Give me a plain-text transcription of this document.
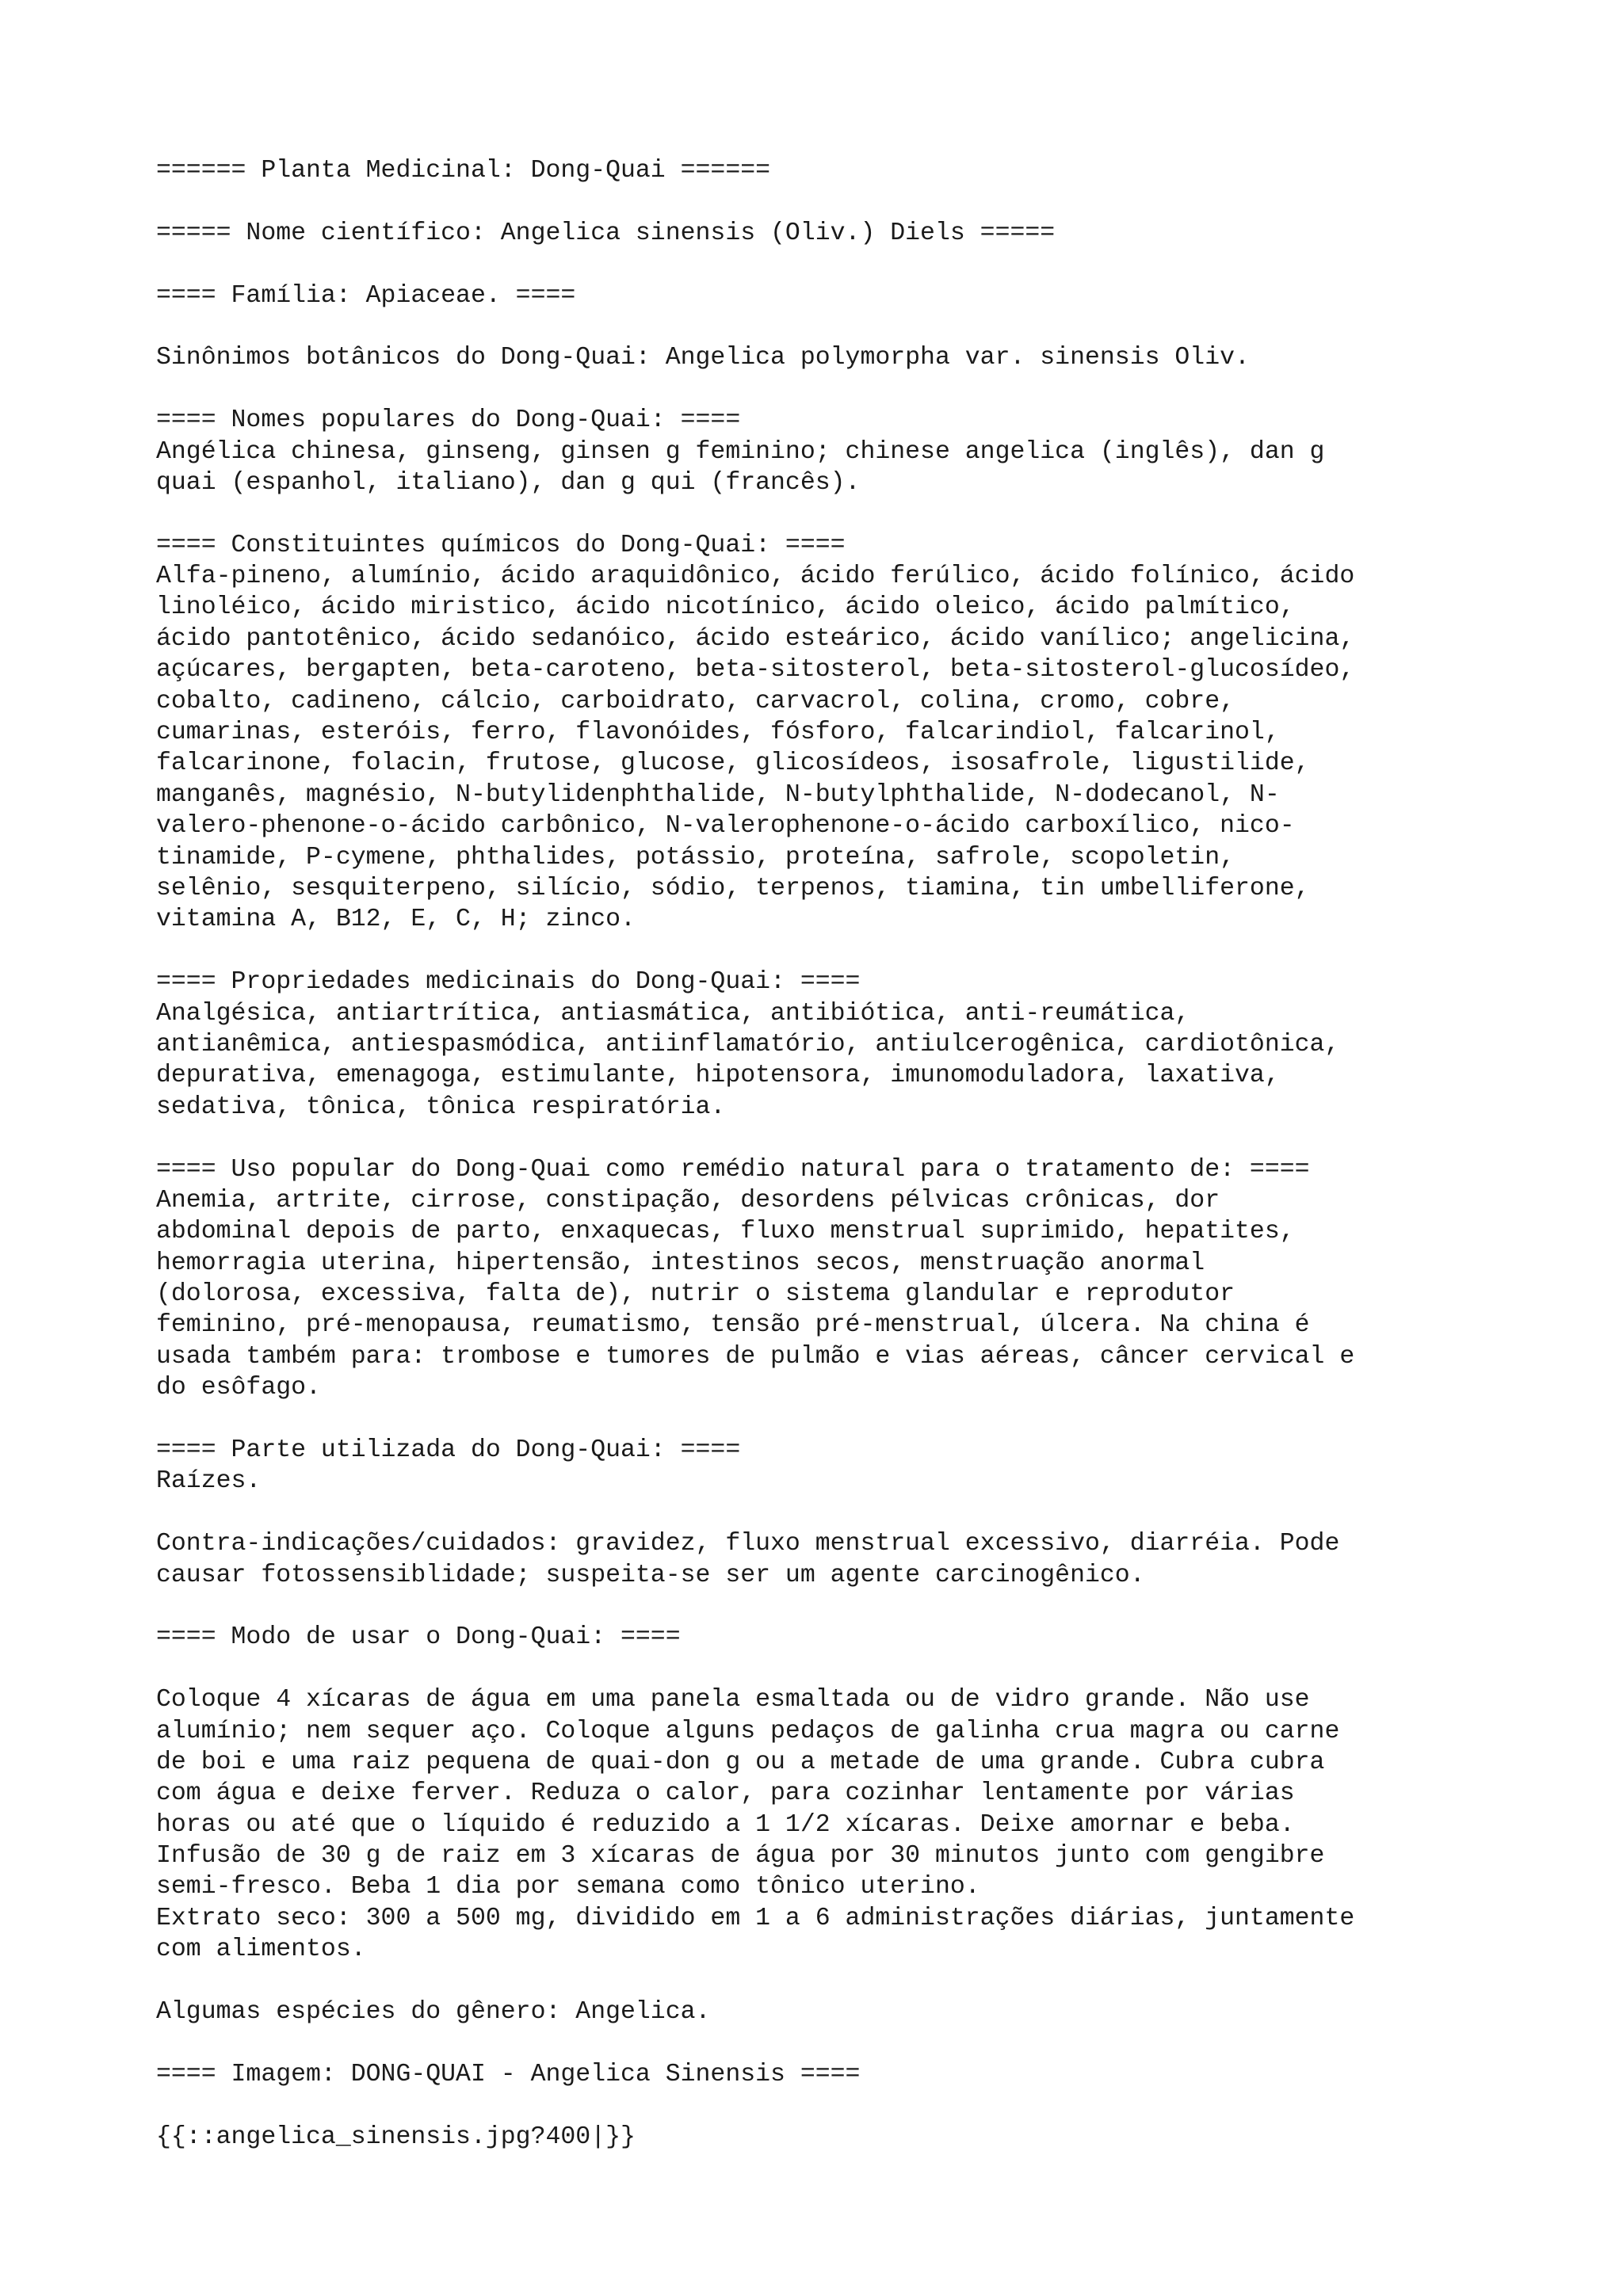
====== Planta Medicinal: Dong-Quai ======
===== Nome científico: Angelica sinensis (Oliv.) Diels =====
==== Família: Apiaceae. ====
Sinônimos botânicos do Dong-Quai: Angelica polymorpha var. sinensis Oliv.
==== Nomes populares do Dong-Quai: ====
Angélica chinesa, ginseng, ginsen g feminino; chinese angelica (inglês), dan g
quai (espanhol, italiano), dan g qui (francês).
==== Constituintes químicos do Dong-Quai: ====
Alfa-pineno, alumínio, ácido araquidônico, ácido ferúlico, ácido folínico, ácido
linoléico, ácido miristico, ácido nicotínico, ácido oleico, ácido palmítico,
ácido pantotênico, ácido sedanóico, ácido esteárico, ácido vanílico; angelicina,
açúcares, bergapten, beta-caroteno, beta-sitosterol, beta-sitosterol-glucosídeo,
cobalto, cadineno, cálcio, carboidrato, carvacrol, colina, cromo, cobre,
cumarinas, esteróis, ferro, flavonóides, fósforo, falcarindiol, falcarinol,
falcarinone, folacin, frutose, glucose, glicosídeos, isosafrole, ligustilide,
manganês, magnésio, N-butylidenphthalide, N-butylphthalide, N-dodecanol, N-
valero-phenone-o-ácido carbônico, N-valerophenone-o-ácido carboxílico, nico-
tinamide, P-cymene, phthalides, potássio, proteína, safrole, scopoletin,
selênio, sesquiterpeno, silício, sódio, terpenos, tiamina, tin umbelliferone,
vitamina A, B12, E, C, H; zinco.
==== Propriedades medicinais do Dong-Quai: ====
Analgésica, antiartrítica, antiasmática, antibiótica, anti-reumática,
antianêmica, antiespasmódica, antiinflamatório, antiulcerogênica, cardiotônica,
depurativa, emenagoga, estimulante, hipotensora, imunomoduladora, laxativa,
sedativa, tônica, tônica respiratória.
==== Uso popular do Dong-Quai como remédio natural para o tratamento de: ====
Anemia, artrite, cirrose, constipação, desordens pélvicas crônicas, dor
abdominal depois de parto, enxaquecas, fluxo menstrual suprimido, hepatites,
hemorragia uterina, hipertensão, intestinos secos, menstruação anormal
(dolorosa, excessiva, falta de), nutrir o sistema glandular e reprodutor
feminino, pré-menopausa, reumatismo, tensão pré-menstrual, úlcera. Na china é
usada também para: trombose e tumores de pulmão e vias aéreas, câncer cervical e
do esôfago.
==== Parte utilizada do Dong-Quai: ====
Raízes.
Contra-indicações/cuidados: gravidez, fluxo menstrual excessivo, diarréia. Pode
causar fotossensiblidade; suspeita-se ser um agente carcinogênico.
==== Modo de usar o Dong-Quai: ====
Coloque 4 xícaras de água em uma panela esmaltada ou de vidro grande. Não use
alumínio; nem sequer aço. Coloque alguns pedaços de galinha crua magra ou carne
de boi e uma raiz pequena de quai-don g ou a metade de uma grande. Cubra cubra
com água e deixe ferver. Reduza o calor, para cozinhar lentamente por várias
horas ou até que o líquido é reduzido a 1 1/2 xícaras. Deixe amornar e beba.
Infusão de 30 g de raiz em 3 xícaras de água por 30 minutos junto com gengibre
semi-fresco. Beba 1 dia por semana como tônico uterino.
Extrato seco: 300 a 500 mg, dividido em 1 a 6 administrações diárias, juntamente
com alimentos.
Algumas espécies do gênero: Angelica.
==== Imagem: DONG-QUAI - Angelica Sinensis ====
{{::angelica_sinensis.jpg?400|}}
